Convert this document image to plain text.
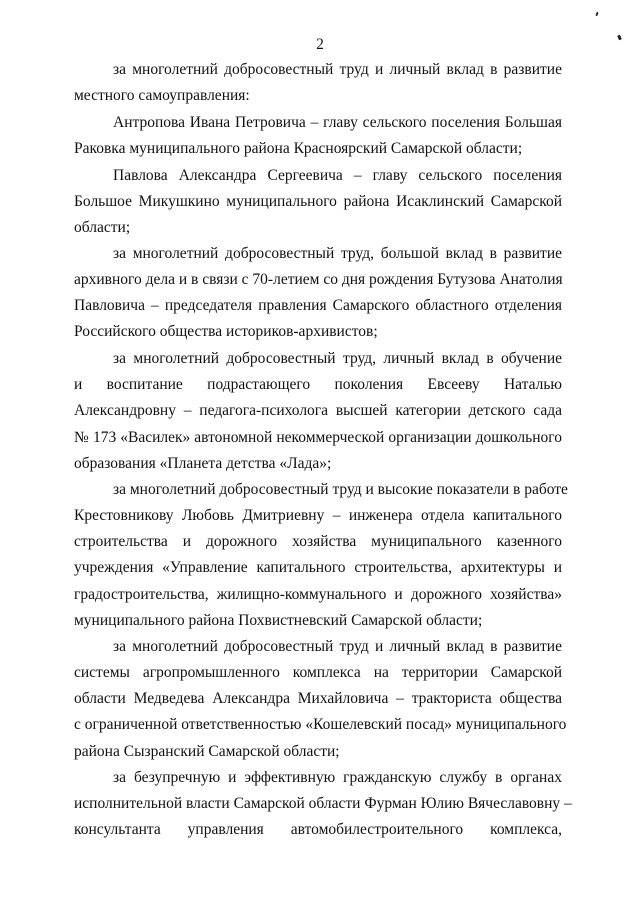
2
за многолетний добросовестный труд и личный вклад в развитие
местного самоуправления:
Антропова Ивана Петровича – главу сельского поселения Большая
Раковка муниципального района Красноярский Самарской области;
Павлова Александра Сергеевича – главу сельского поселения
Большое Микушкино муниципального района Исаклинский Самарской
области;
за многолетний добросовестный труд, большой вклад в развитие
архивного дела и в связи с 70-летием со дня рождения Бутузова Анатолия
Павловича – председателя правления Самарского областного отделения
Российского общества историков-архивистов;
за многолетний добросовестный труд, личный вклад в обучение
и воспитание подрастающего поколения Евсееву Наталью
Александровну – педагога-психолога высшей категории детского сада
№ 173 «Василек» автономной некоммерческой организации дошкольного
образования «Планета детства «Лада»;
за многолетний добросовестный труд и высокие показатели в работе
Крестовникову Любовь Дмитриевну – инженера отдела капитального
строительства и дорожного хозяйства муниципального казенного
учреждения «Управление капитального строительства, архитектуры и
градостроительства, жилищно-коммунального и дорожного хозяйства»
муниципального района Похвистневский Самарской области;
за многолетний добросовестный труд и личный вклад в развитие
системы агропромышленного комплекса на территории Самарской
области Медведева Александра Михайловича – тракториста общества
с ограниченной ответственностью «Кошелевский посад» муниципального
района Сызранский Самарской области;
за безупречную и эффективную гражданскую службу в органах
исполнительной власти Самарской области Фурман Юлию Вячеславовну –
консультанта управления автомобилестроительного комплекса,
